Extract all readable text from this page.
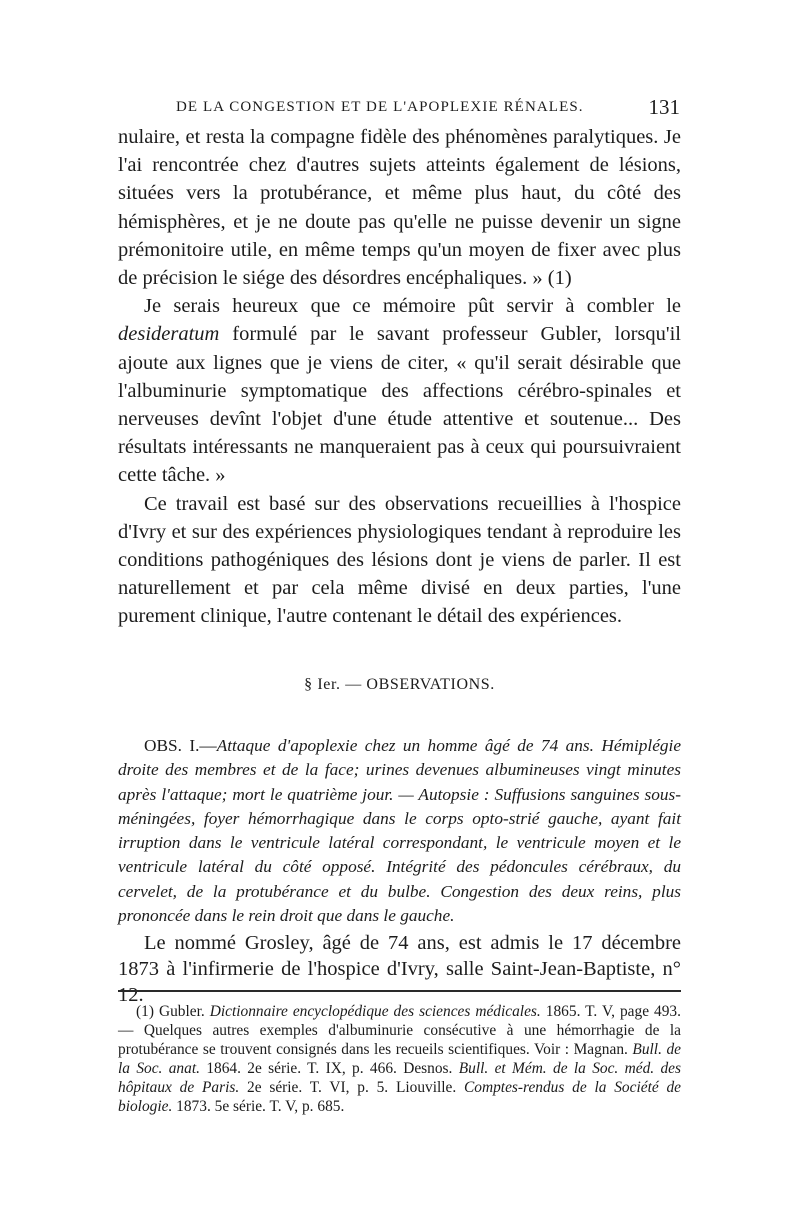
DE LA CONGESTION ET DE L'APOPLEXIE RÉNALES.	131

nulaire, et resta la compagne fidèle des phénomènes paralytiques. Je l'ai rencontrée chez d'autres sujets atteints également de lésions, situées vers la protubérance, et même plus haut, du côté des hémisphères, et je ne doute pas qu'elle ne puisse devenir un signe prémonitoire utile, en même temps qu'un moyen de fixer avec plus de précision le siége des désordres encéphaliques. » (1)

Je serais heureux que ce mémoire pût servir à combler le desideratum formulé par le savant professeur Gubler, lorsqu'il ajoute aux lignes que je viens de citer, « qu'il serait désirable que l'albuminurie symptomatique des affections cérébro-spinales et nerveuses devînt l'objet d'une étude attentive et soutenue... Des résultats intéressants ne manqueraient pas à ceux qui poursuivraient cette tâche. »

Ce travail est basé sur des observations recueillies à l'hospice d'Ivry et sur des expériences physiologiques tendant à reproduire les conditions pathogéniques des lésions dont je viens de parler. Il est naturellement et par cela même divisé en deux parties, l'une purement clinique, l'autre contenant le détail des expériences.

§ Ier. — OBSERVATIONS.

OBS. I.—Attaque d'apoplexie chez un homme âgé de 74 ans. Hémiplégie droite des membres et de la face; urines devenues albumineuses vingt minutes après l'attaque; mort le quatrième jour. — Autopsie : Suffusions sanguines sous-méningées, foyer hémorrhagique dans le corps opto-strié gauche, ayant fait irruption dans le ventricule latéral correspondant, le ventricule moyen et le ventricule latéral du côté opposé. Intégrité des pédoncules cérébraux, du cervelet, de la protubérance et du bulbe. Congestion des deux reins, plus prononcée dans le rein droit que dans le gauche.

Le nommé Grosley, âgé de 74 ans, est admis le 17 décembre 1873 à l'infirmerie de l'hospice d'Ivry, salle Saint-Jean-Baptiste, n° 12.

(1) Gubler. Dictionnaire encyclopédique des sciences médicales. 1865. T. V, page 493. — Quelques autres exemples d'albuminurie consécutive à une hémorrhagie de la protubérance se trouvent consignés dans les recueils scientifiques. Voir : Magnan. Bull. de la Soc. anat. 1864. 2e série. T. IX, p. 466. Desnos. Bull. et Mém. de la Soc. méd. des hôpitaux de Paris. 2e série. T. VI, p. 5. Liouville. Comptes-rendus de la Société de biologie. 1873. 5e série. T. V, p. 685.
